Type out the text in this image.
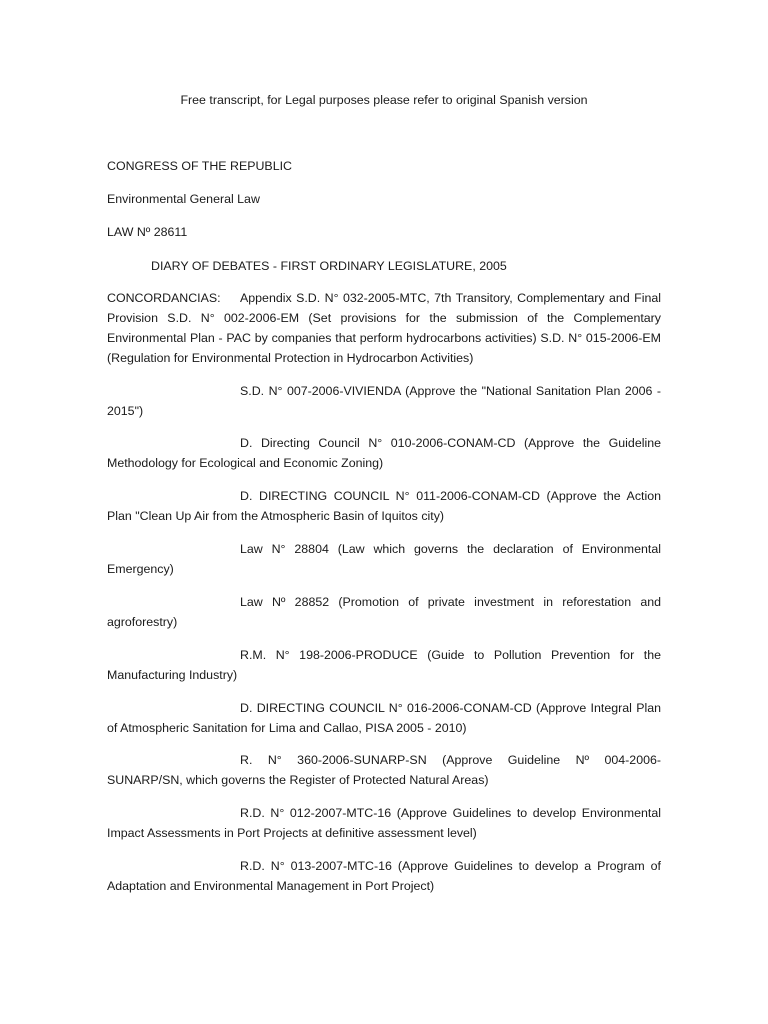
Free transcript, for Legal purposes please refer to original Spanish version
CONGRESS OF THE REPUBLIC
Environmental General Law
LAW Nº 28611
DIARY OF DEBATES - FIRST ORDINARY LEGISLATURE, 2005
CONCORDANCIAS: Appendix S.D. N° 032-2005-MTC, 7th Transitory, Complementary and Final Provision S.D. N° 002-2006-EM (Set provisions for the submission of the Complementary Environmental Plan - PAC by companies that perform hydrocarbons activities) S.D. N° 015-2006-EM (Regulation for Environmental Protection in Hydrocarbon Activities)
S.D. N° 007-2006-VIVIENDA (Approve the "National Sanitation Plan 2006 - 2015")
D. Directing Council N° 010-2006-CONAM-CD (Approve the Guideline Methodology for Ecological and Economic Zoning)
D. DIRECTING COUNCIL N° 011-2006-CONAM-CD (Approve the Action Plan "Clean Up Air from the Atmospheric Basin of Iquitos city)
Law N° 28804 (Law which governs the declaration of Environmental Emergency)
Law Nº 28852 (Promotion of private investment in reforestation and agroforestry)
R.M. N° 198-2006-PRODUCE (Guide to Pollution Prevention for the Manufacturing Industry)
D. DIRECTING COUNCIL N° 016-2006-CONAM-CD (Approve Integral Plan of Atmospheric Sanitation for Lima and Callao, PISA 2005 - 2010)
R. N° 360-2006-SUNARP-SN (Approve Guideline Nº 004-2006-SUNARP/SN, which governs the Register of Protected Natural Areas)
R.D. N° 012-2007-MTC-16 (Approve Guidelines to develop Environmental Impact Assessments in Port Projects at definitive assessment level)
R.D. N° 013-2007-MTC-16 (Approve Guidelines to develop a Program of Adaptation and Environmental Management in Port Project)
